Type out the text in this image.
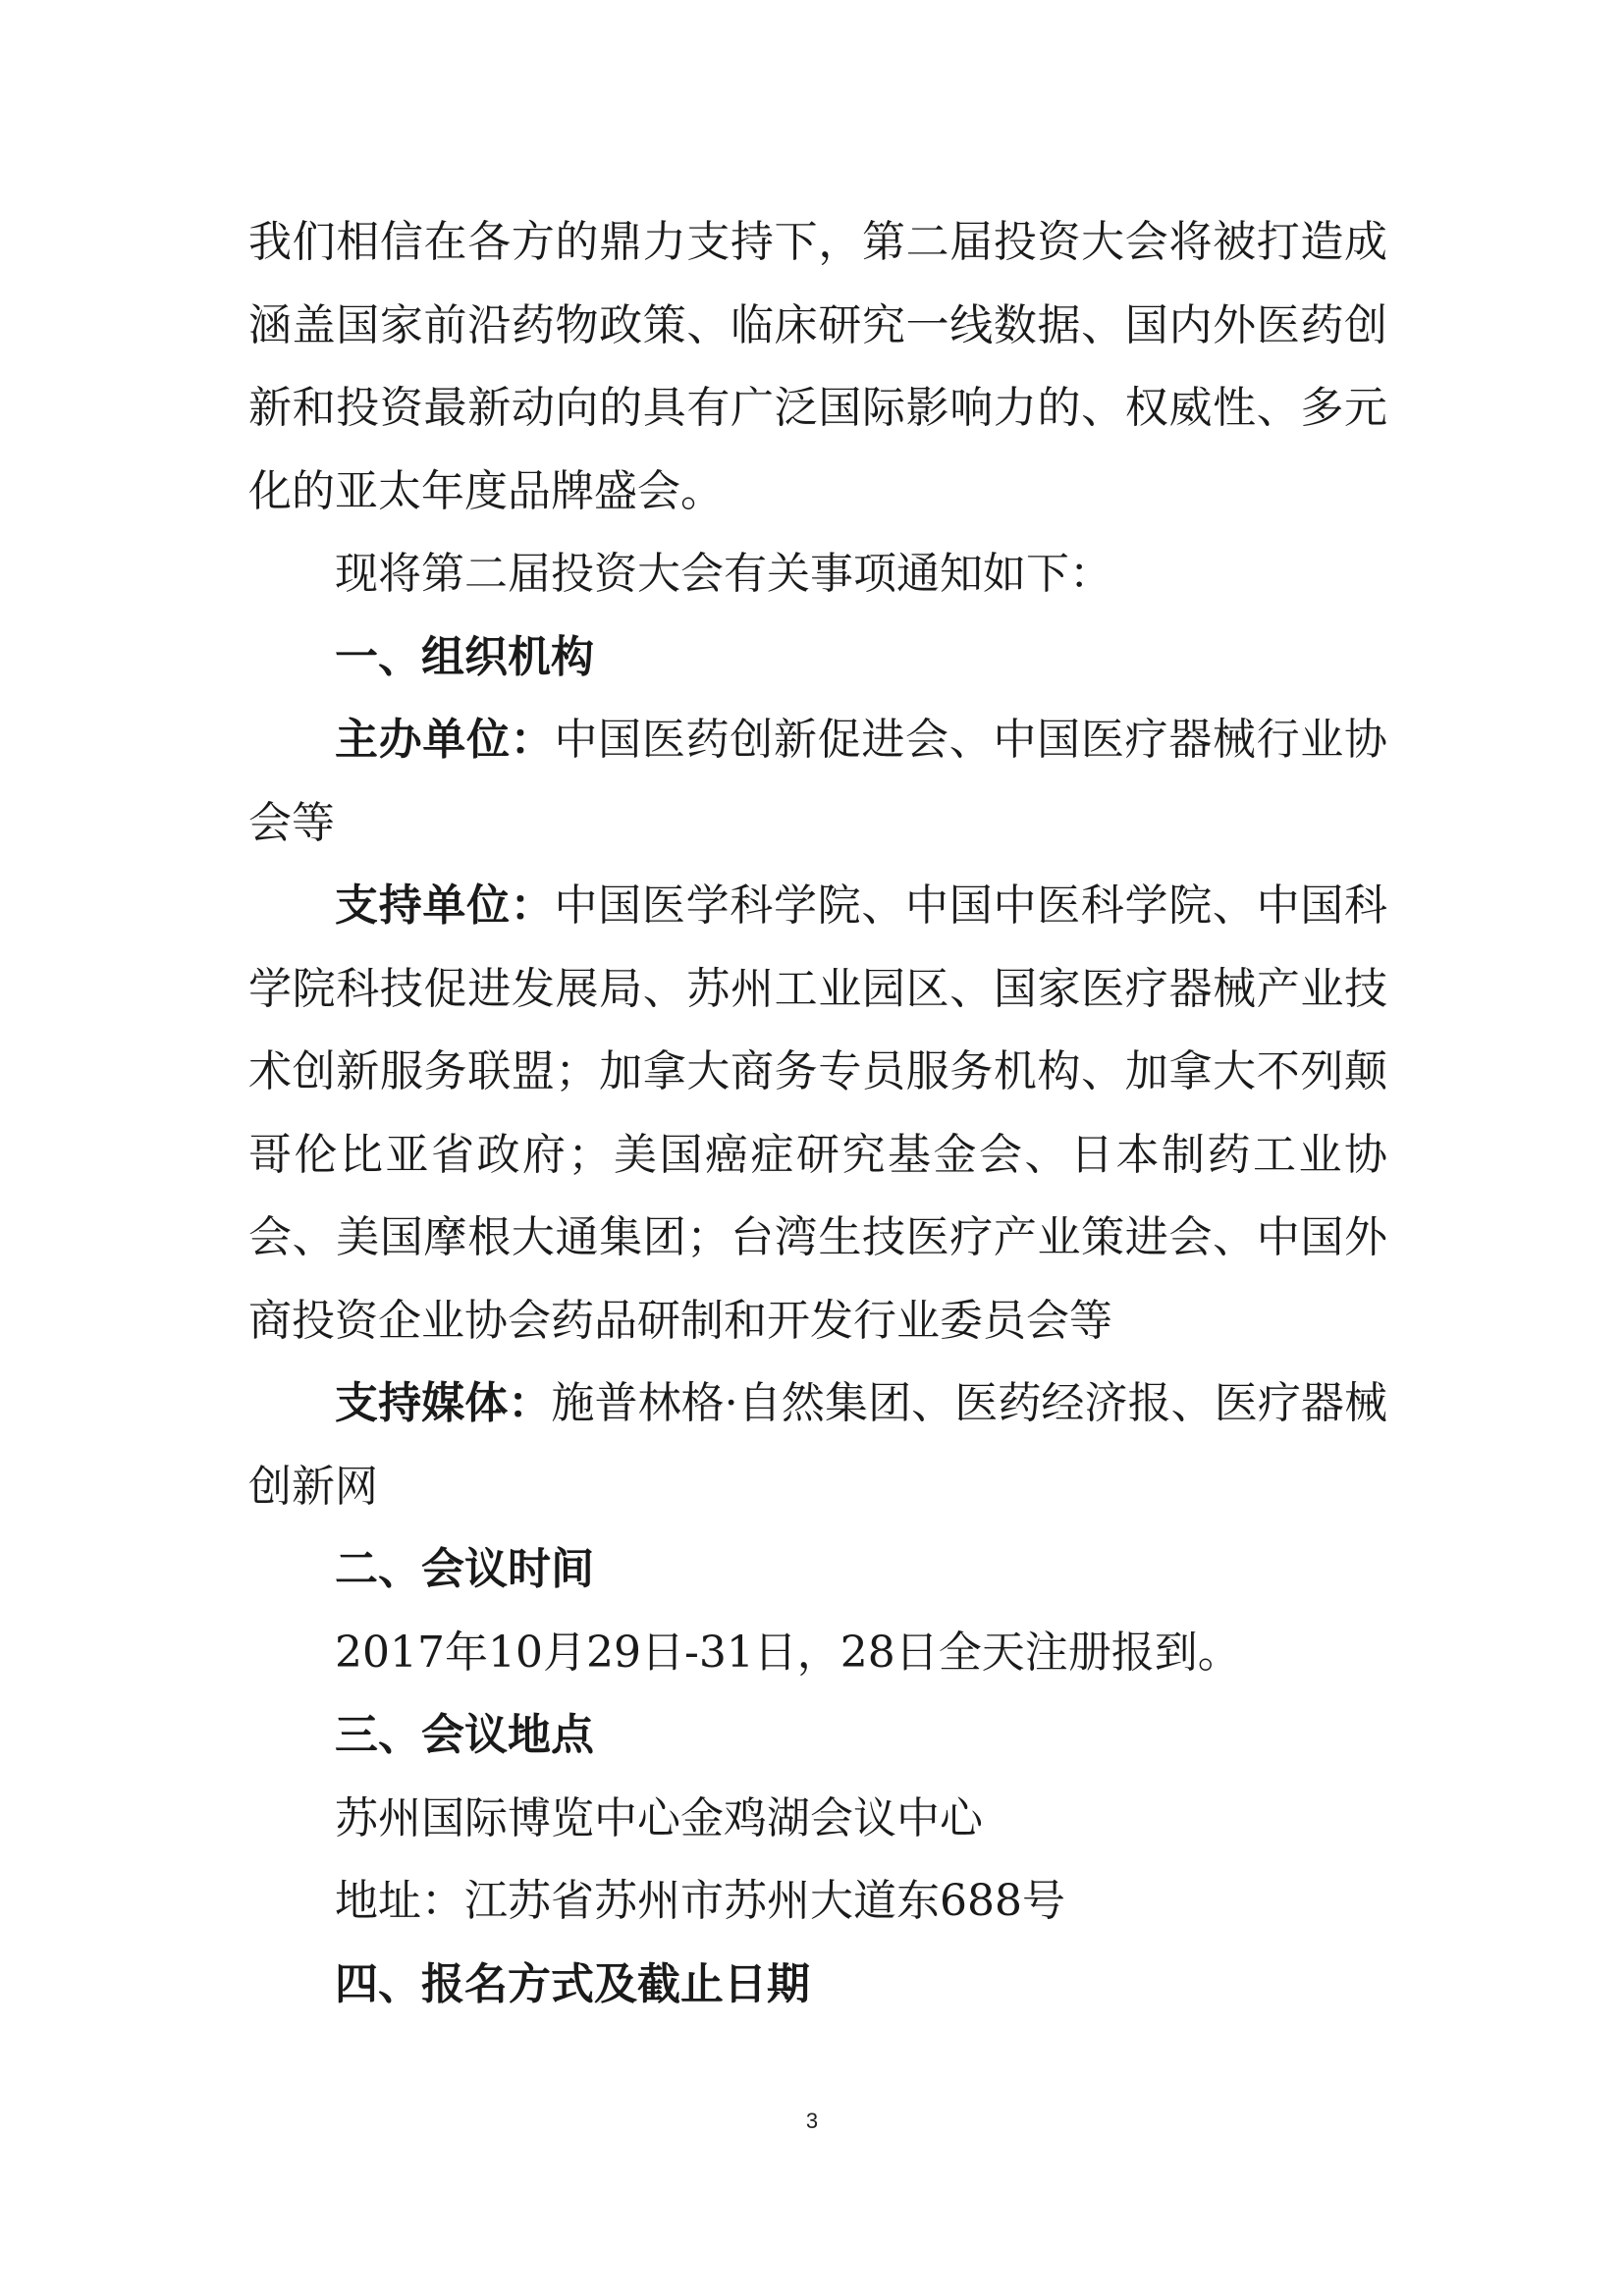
我们相信在各方的鼎力支持下，第二届投资大会将被打造成涵盖国家前沿药物政策、临床研究一线数据、国内外医药创新和投资最新动向的具有广泛国际影响力的、权威性、多元化的亚太年度品牌盛会。

现将第二届投资大会有关事项通知如下：

一、组织机构

主办单位：中国医药创新促进会、中国医疗器械行业协会等

支持单位：中国医学科学院、中国中医科学院、中国科学院科技促进发展局、苏州工业园区、国家医疗器械产业技术创新服务联盟；加拿大商务专员服务机构、加拿大不列颠哥伦比亚省政府；美国癌症研究基金会、日本制药工业协会、美国摩根大通集团；台湾生技医疗产业策进会、中国外商投资企业协会药品研制和开发行业委员会等

支持媒体：施普林格·自然集团、医药经济报、医疗器械创新网

二、会议时间

2017年10月29日-31日，28日全天注册报到。

三、会议地点

苏州国际博览中心金鸡湖会议中心

地址：江苏省苏州市苏州大道东688号

四、报名方式及截止日期

3
